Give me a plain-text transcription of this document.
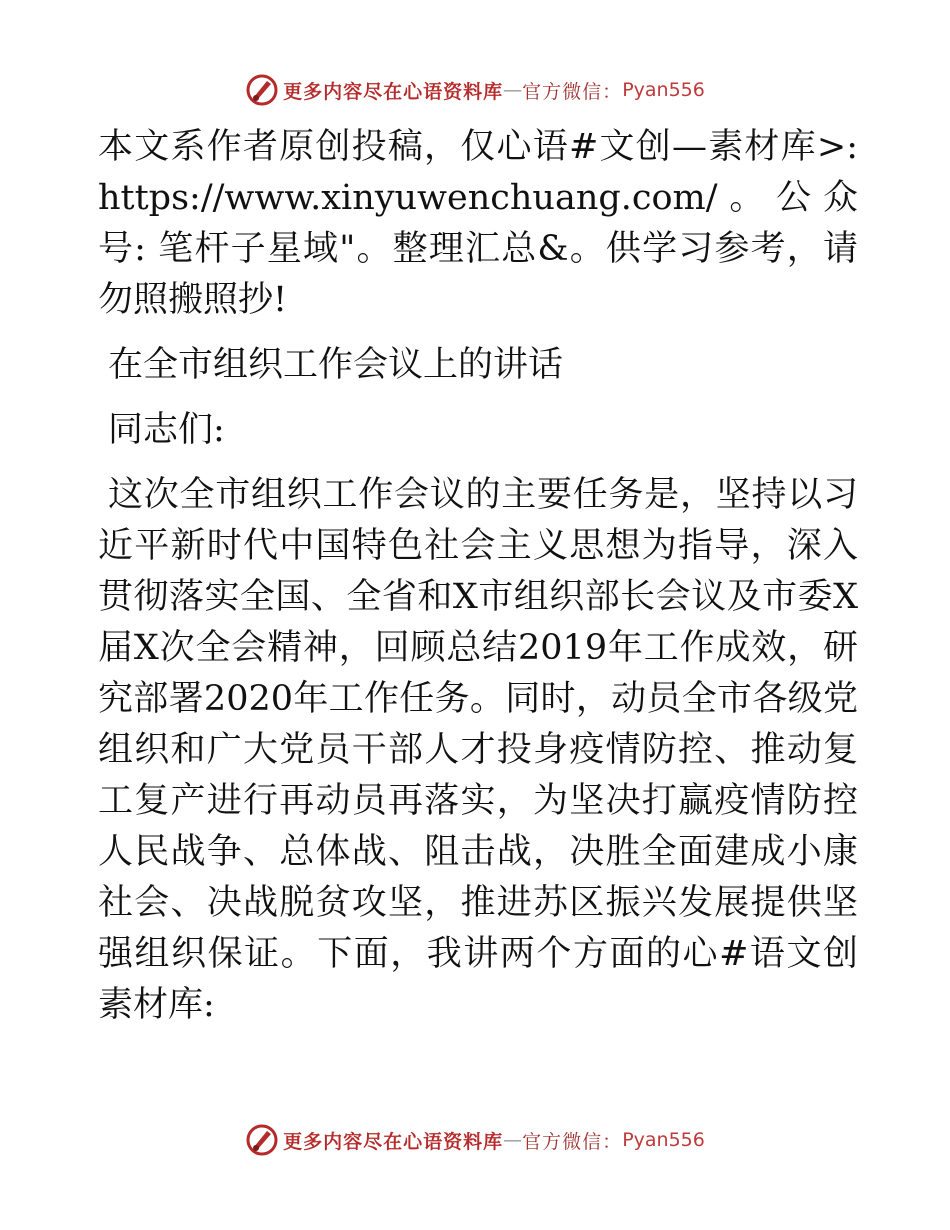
更多内容尽在心语资料库 — 官方微信： Pyan556

本文系作者原创投稿，仅心语#文创—素材库>: https://www.xinyuwenchuang.com/。公众号: 笔杆子星域"。整理汇总&。供学习参考，请勿照搬照抄!

在全市组织工作会议上的讲话

同志们:

这次全市组织工作会议的主要任务是，坚持以习近平新时代中国特色社会主义思想为指导，深入贯彻落实全国、全省和X市组织部长会议及市委X届X次全会精神，回顾总结2019年工作成效，研究部署2020年工作任务。同时，动员全市各级党组织和广大党员干部人才投身疫情防控、推动复工复产进行再动员再落实，为坚决打赢疫情防控人民战争、总体战、阻击战，决胜全面建成小康社会、决战脱贫攻坚，推进苏区振兴发展提供坚强组织保证。下面，我讲两个方面的心#语文创素材库:

更多内容尽在心语资料库 — 官方微信： Pyan556
